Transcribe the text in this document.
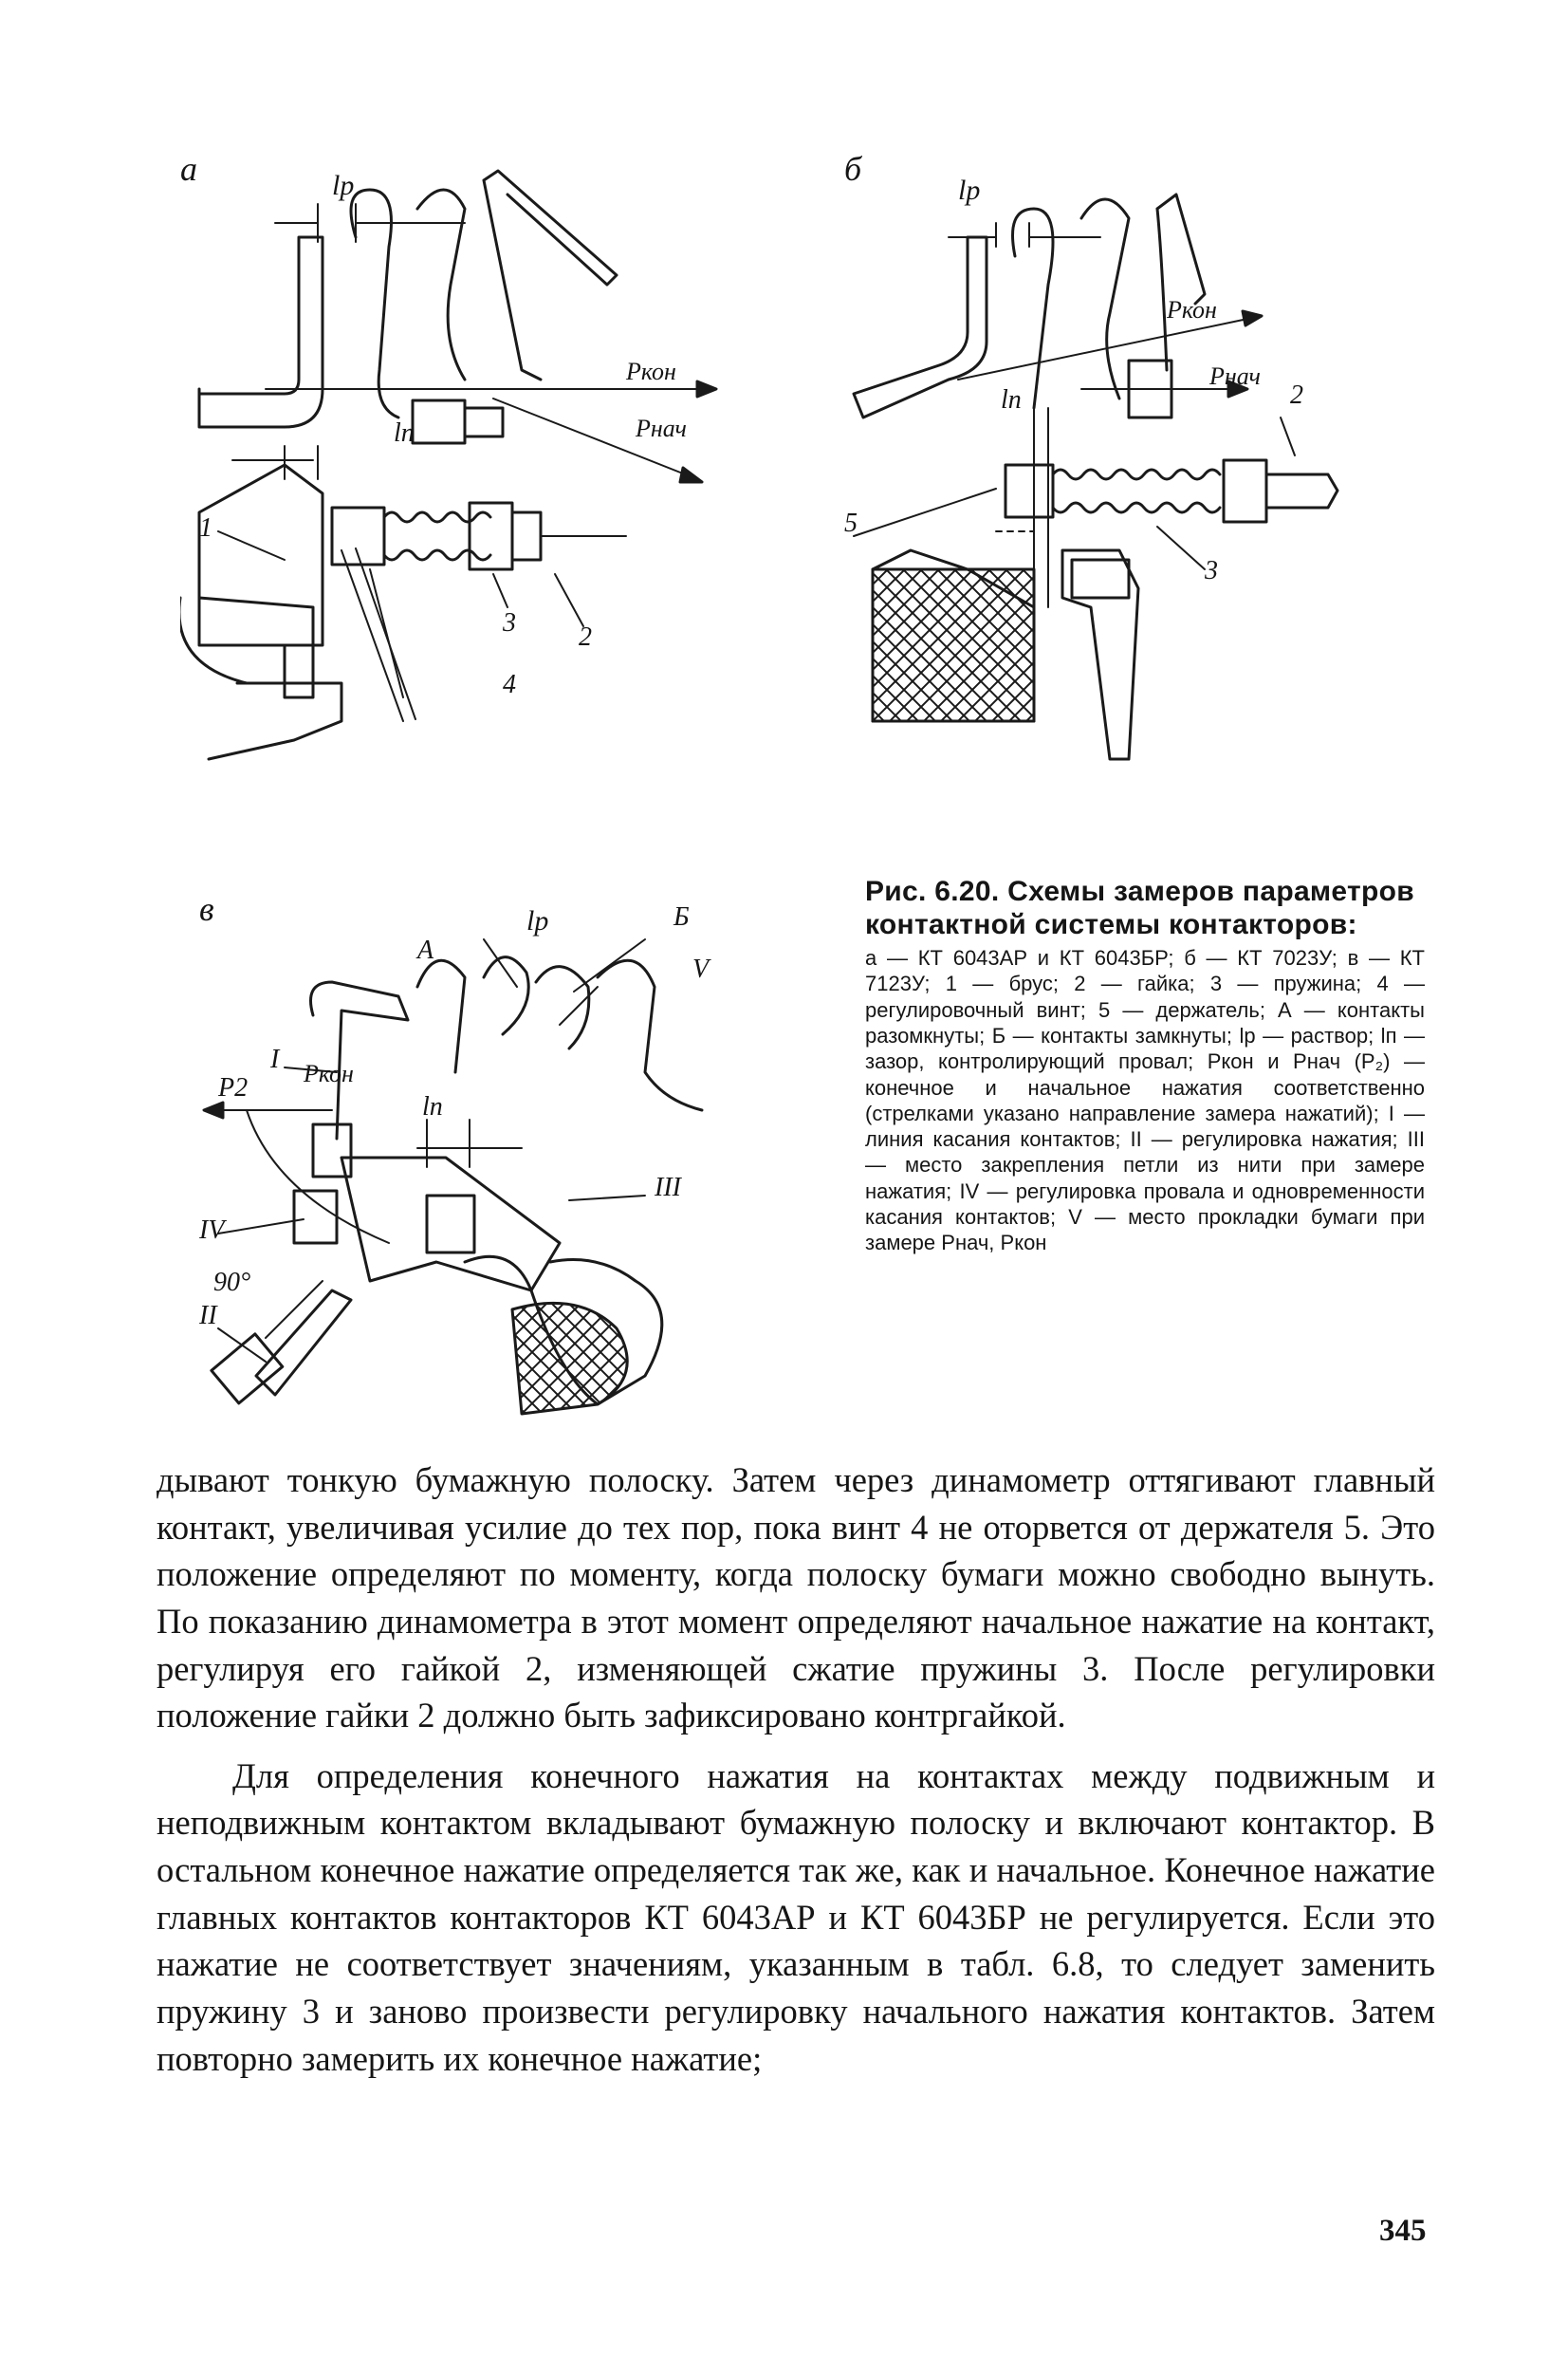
а	lр
lп
Pкон
Pнач
1
2
3
4
б
lр
lп
Pкон
Pнач
2
3
5
в	lр
lп
А
Б
V
I
II
III
IV
P2 Pкон
90°
Рис. 6.20. Схемы замеров параметров контактной системы контакторов:
а — КТ 6043АР и КТ 6043БР; б — КТ 7023У; в — КТ 7123У; 1 — брус; 2 — гайка; 3 — пружина; 4 — регулировочный винт; 5 — держатель; А — контакты разомкнуты; Б — контакты замкнуты; lр — раствор; lп — зазор, контролирующий провал; Pкон и Pнач (P₂) — конечное и начальное нажатия соответственно (стрелками указано направление замера нажатий); I — линия касания контактов; II — регулировка нажатия; III — место закрепления петли из нити при замере нажатия; IV — регулировка провала и одновременности касания контактов; V — место прокладки бумаги при замере Pнач, Pкон

дывают тонкую бумажную полоску. Затем через динамометр оттягивают главный контакт, увеличивая усилие до тех пор, пока винт 4 не оторвется от держателя 5. Это положение определяют по моменту, когда полоску бумаги можно свободно вынуть. По показанию динамометра в этот момент определяют начальное нажатие на контакт, регулируя его гайкой 2, изменяющей сжатие пружины 3. После регулировки положение гайки 2 должно быть зафиксировано контргайкой.

Для определения конечного нажатия на контактах между подвижным и неподвижным контактом вкладывают бумажную полоску и включают контактор. В остальном конечное нажатие определяется так же, как и начальное. Конечное нажатие главных контактов контакторов КТ 6043АР и КТ 6043БР не регулируется. Если это нажатие не соответствует значениям, указанным в табл. 6.8, то следует заменить пружину 3 и заново произвести регулировку начального нажатия контактов. Затем повторно замерить их конечное нажатие;

345
